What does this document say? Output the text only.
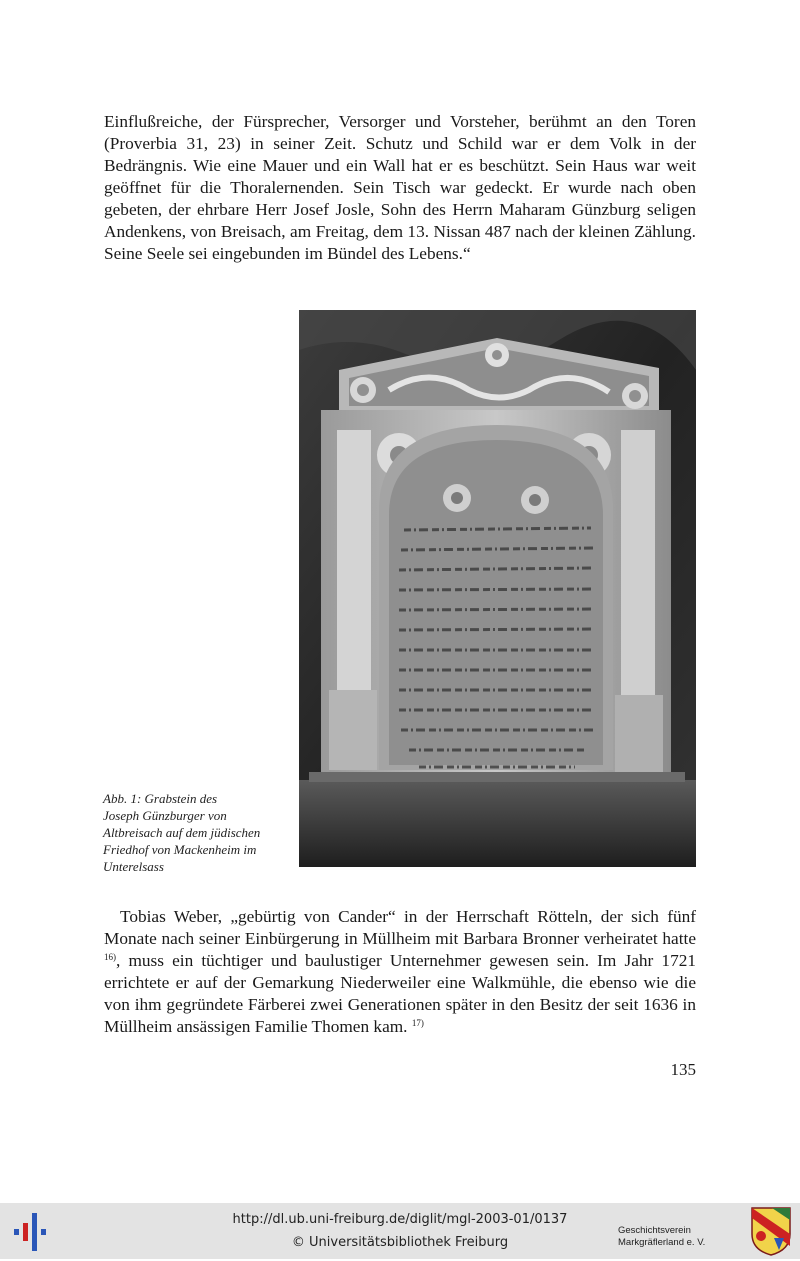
Einflußreiche, der Fürsprecher, Versorger und Vorsteher, berühmt an den Toren (Proverbia 31, 23) in seiner Zeit. Schutz und Schild war er dem Volk in der Bedrängnis. Wie eine Mauer und ein Wall hat er es beschützt. Sein Haus war weit geöffnet für die Thoralernenden. Sein Tisch war gedeckt. Er wurde nach oben gebeten, der ehrbare Herr Josef Josle, Sohn des Herrn Maharam Günzburg seligen Andenkens, von Breisach, am Freitag, dem 13. Nissan 487 nach der kleinen Zählung. Seine Seele sei eingebunden im Bündel des Lebens.“

Abb. 1: Grabstein des
Joseph Günzburger von
Altbreisach auf dem jüdischen
Friedhof von Mackenheim im
Unterelsass

Tobias Weber, „gebürtig von Cander“ in der Herrschaft Rötteln, der sich fünf Monate nach seiner Einbürgerung in Müllheim mit Barbara Bronner verheiratet hatte $^{16)}$, muss ein tüchtiger und baulustiger Unternehmer gewesen sein. Im Jahr 1721 errichtete er auf der Gemarkung Niederweiler eine Walkmühle, die ebenso wie die von ihm gegründete Färberei zwei Generationen später in den Besitz der seit 1636 in Müllheim ansässigen Familie Thomen kam. $^{17)}$

135
http://dl.ub.uni-freiburg.de/diglit/mgl-2003-01/0137
© Universitätsbibliothek Freiburg
Geschichtsverein
Markgräflerland e. V.
